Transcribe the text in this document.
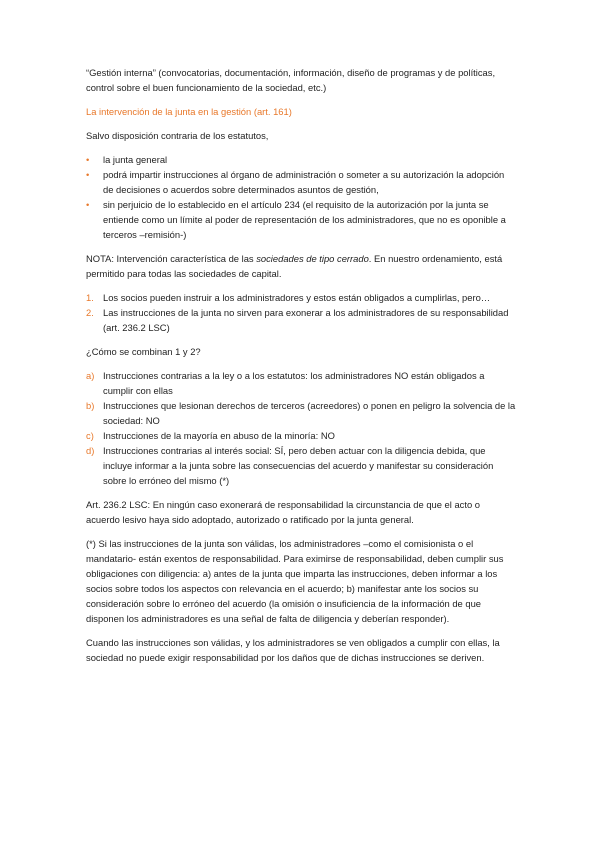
“Gestión interna” (convocatorias, documentación, información, diseño de programas y de políticas, control sobre el buen funcionamiento de la sociedad, etc.)

La intervención de la junta en la gestión (art. 161)

Salvo disposición contraria de los estatutos,

• la junta general
• podrá impartir instrucciones al órgano de administración o someter a su autorización la adopción de decisiones o acuerdos sobre determinados asuntos de gestión,
• sin perjuicio de lo establecido en el artículo 234 (el requisito de la autorización por la junta se entiende como un límite al poder de representación de los administradores, que no es oponible a terceros –remisión-)

NOTA: Intervención característica de las sociedades de tipo cerrado. En nuestro ordenamiento, está permitido para todas las sociedades de capital.

1. Los socios pueden instruir a los administradores y estos están obligados a cumplirlas, pero…
2. Las instrucciones de la junta no sirven para exonerar a los administradores de su responsabilidad (art. 236.2 LSC)

¿Cómo se combinan 1 y 2?

a) Instrucciones contrarias a la ley o a los estatutos: los administradores NO están obligados a cumplir con ellas
b) Instrucciones que lesionan derechos de terceros (acreedores) o ponen en peligro la solvencia de la sociedad: NO
c) Instrucciones de la mayoría en abuso de la minoría: NO
d) Instrucciones contrarias al interés social: SÍ, pero deben actuar con la diligencia debida, que incluye informar a la junta sobre las consecuencias del acuerdo y manifestar su consideración sobre lo erróneo del mismo (*)

Art. 236.2 LSC: En ningún caso exonerará de responsabilidad la circunstancia de que el acto o acuerdo lesivo haya sido adoptado, autorizado o ratificado por la junta general.

(*) Si las instrucciones de la junta son válidas, los administradores –como el comisionista o el mandatario- están exentos de responsabilidad. Para eximirse de responsabilidad, deben cumplir sus obligaciones con diligencia: a) antes de la junta que imparta las instrucciones, deben informar a los socios sobre todos los aspectos con relevancia en el acuerdo; b) manifestar ante los socios su consideración sobre lo erróneo del acuerdo (la omisión o insuficiencia de la información de que disponen los administradores es una señal de falta de diligencia y deberían responder).

Cuando las instrucciones son válidas, y los administradores se ven obligados a cumplir con ellas, la sociedad no puede exigir responsabilidad por los daños que de dichas instrucciones se deriven.
